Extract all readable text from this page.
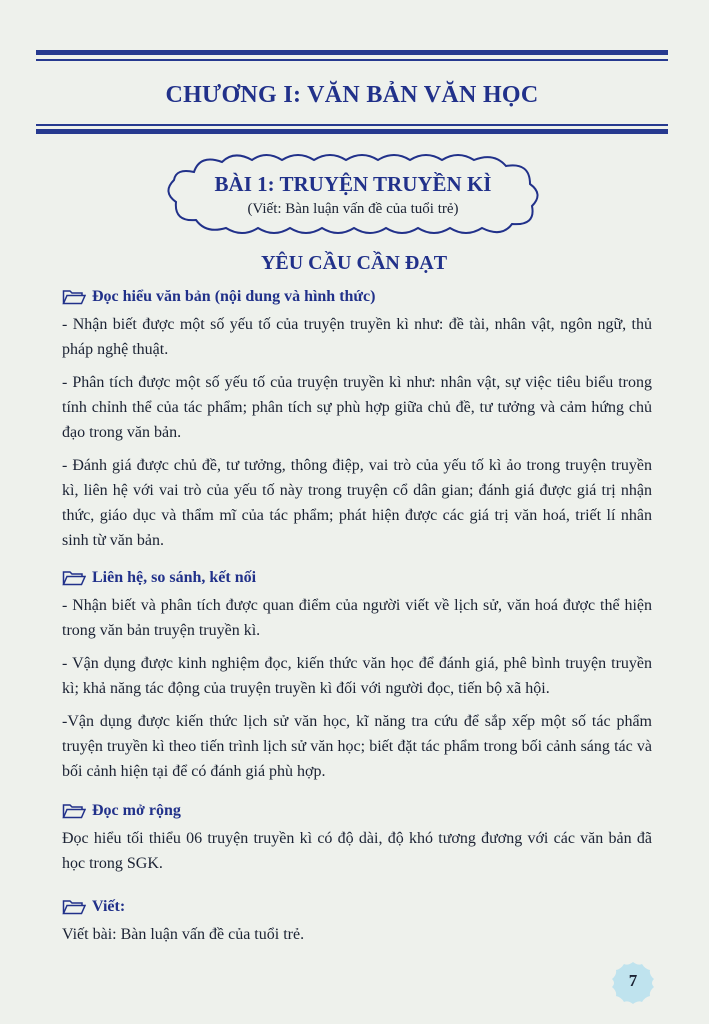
CHƯƠNG I: VĂN BẢN VĂN HỌC
BÀI 1: TRUYỆN TRUYỀN KÌ
(Viết: Bàn luận vấn đề của tuổi trẻ)
YÊU CẦU CẦN ĐẠT
Đọc hiểu văn bản (nội dung và hình thức)

- Nhận biết được một số yếu tố của truyện truyền kì như: đề tài, nhân vật, ngôn ngữ, thủ pháp nghệ thuật.

- Phân tích được một số yếu tố của truyện truyền kì như: nhân vật, sự việc tiêu biểu trong tính chỉnh thể của tác phẩm; phân tích sự phù hợp giữa chủ đề, tư tưởng và cảm hứng chủ đạo trong văn bản.

- Đánh giá được chủ đề, tư tưởng, thông điệp, vai trò của yếu tố kì ảo trong truyện truyền kì, liên hệ với vai trò của yếu tố này trong truyện cổ dân gian; đánh giá được giá trị nhận thức, giáo dục và thẩm mĩ của tác phẩm; phát hiện được các giá trị văn hoá, triết lí nhân sinh từ văn bản.

Liên hệ, so sánh, kết nối

- Nhận biết và phân tích được quan điểm của người viết về lịch sử, văn hoá được thể hiện trong văn bản truyện truyền kì.

- Vận dụng được kinh nghiệm đọc, kiến thức văn học để đánh giá, phê bình truyện truyền kì; khả năng tác động của truyện truyền kì đối với người đọc, tiến bộ xã hội.

-Vận dụng được kiến thức lịch sử văn học, kĩ năng tra cứu để sắp xếp một số tác phẩm truyện truyền kì theo tiến trình lịch sử văn học; biết đặt tác phẩm trong bối cảnh sáng tác và bối cảnh hiện tại để có đánh giá phù hợp.

Đọc mở rộng

Đọc hiểu tối thiểu 06 truyện truyền kì có độ dài, độ khó tương đương với các văn bản đã học trong SGK.

Viết:

Viết bài: Bàn luận vấn đề của tuổi trẻ.

7
